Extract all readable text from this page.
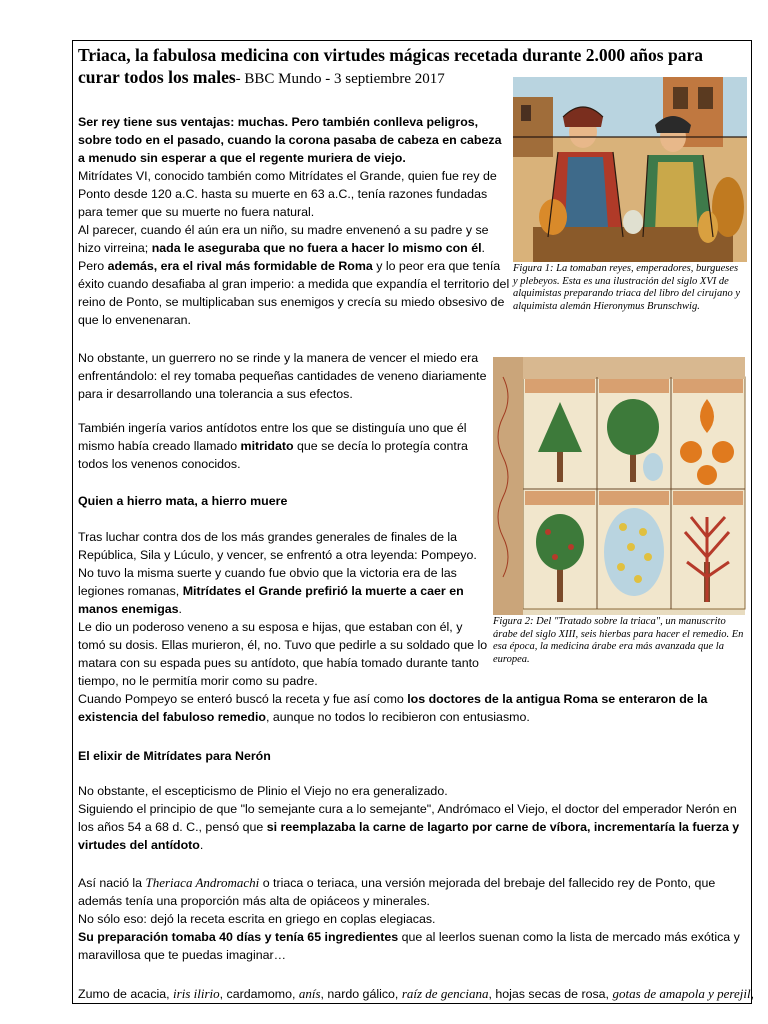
Triaca, la fabulosa medicina con virtudes mágicas recetada durante 2.000 años para curar todos los males- BBC Mundo - 3 septiembre 2017
Figura 1: La tomaban reyes, emperadores, burgueses y plebeyos. Esta es una ilustración del siglo XVI de alquimistas preparando triaca del libro del cirujano y alquimista alemán Hieronymus Brunschwig.
Figura 2: Del "Tratado sobre la triaca", un manuscrito árabe del siglo XIII, seis hierbas para hacer el remedio. En esa época, la medicina árabe era más avanzada que la europea.

Ser rey tiene sus ventajas: muchas. Pero también conlleva peligros, sobre todo en el pasado, cuando la corona pasaba de cabeza en cabeza a menudo sin esperar a que el regente muriera de viejo.

Mitrídates VI, conocido también como Mitrídates el Grande, quien fue rey de Ponto desde 120 a.C. hasta su muerte en 63 a.C., tenía razones fundadas para temer que su muerte no fuera natural.

Al parecer, cuando él aún era un niño, su madre envenenó a su padre y se hizo virreina; nada le aseguraba que no fuera a hacer lo mismo con él.

Pero además, era el rival más formidable de Roma y lo peor era que tenía éxito cuando desafiaba al gran imperio: a medida que expandía el territorio del reino de Ponto, se multiplicaban sus enemigos y crecía su miedo obsesivo de que lo envenenaran.

No obstante, un guerrero no se rinde y la manera de vencer el miedo era enfrentándolo: el rey tomaba pequeñas cantidades de veneno diariamente para ir desarrollando una tolerancia a sus efectos.

También ingería varios antídotos entre los que se distinguía uno que él mismo había creado llamado mitridato que se decía lo protegía contra todos los venenos conocidos.

Quien a hierro mata, a hierro muere

Tras luchar contra dos de los más grandes generales de finales de la República, Sila y Lúculo, y vencer, se enfrentó a otra leyenda: Pompeyo. No tuvo la misma suerte y cuando fue obvio que la victoria era de las legiones romanas, Mitrídates el Grande prefirió la muerte a caer en manos enemigas.

Le dio un poderoso veneno a su esposa e hijas, que estaban con él, y tomó su dosis. Ellas murieron, él, no. Tuvo que pedirle a su soldado que lo matara con su espada pues su antídoto, que había tomado durante tanto tiempo, no le permitía morir como su padre.

Cuando Pompeyo se enteró buscó la receta y fue así como los doctores de la antigua Roma se enteraron de la existencia del fabuloso remedio, aunque no todos lo recibieron con entusiasmo.

El elixir de Mitrídates para Nerón

No obstante, el escepticismo de Plinio el Viejo no era generalizado.

Siguiendo el principio de que "lo semejante cura a lo semejante", Andrómaco el Viejo, el doctor del emperador Nerón en los años 54 a 68 d. C., pensó que si reemplazaba la carne de lagarto por carne de víbora, incrementaría la fuerza y virtudes del antídoto.

Así nació la Theriaca Andromachi o triaca o teriaca, una versión mejorada del brebaje del fallecido rey de Ponto, que además tenía una proporción más alta de opiáceos y minerales.

No sólo eso: dejó la receta escrita en griego en coplas elegiacas.

Su preparación tomaba 40 días y tenía 65 ingredientes que al leerlos suenan como la lista de mercado más exótica y maravillosa que te puedas imaginar…

Zumo de acacia, iris ilirio, cardamomo, anís, nardo gálico, raíz de genciana, hojas secas de rosa, gotas de amapola y perejil,
